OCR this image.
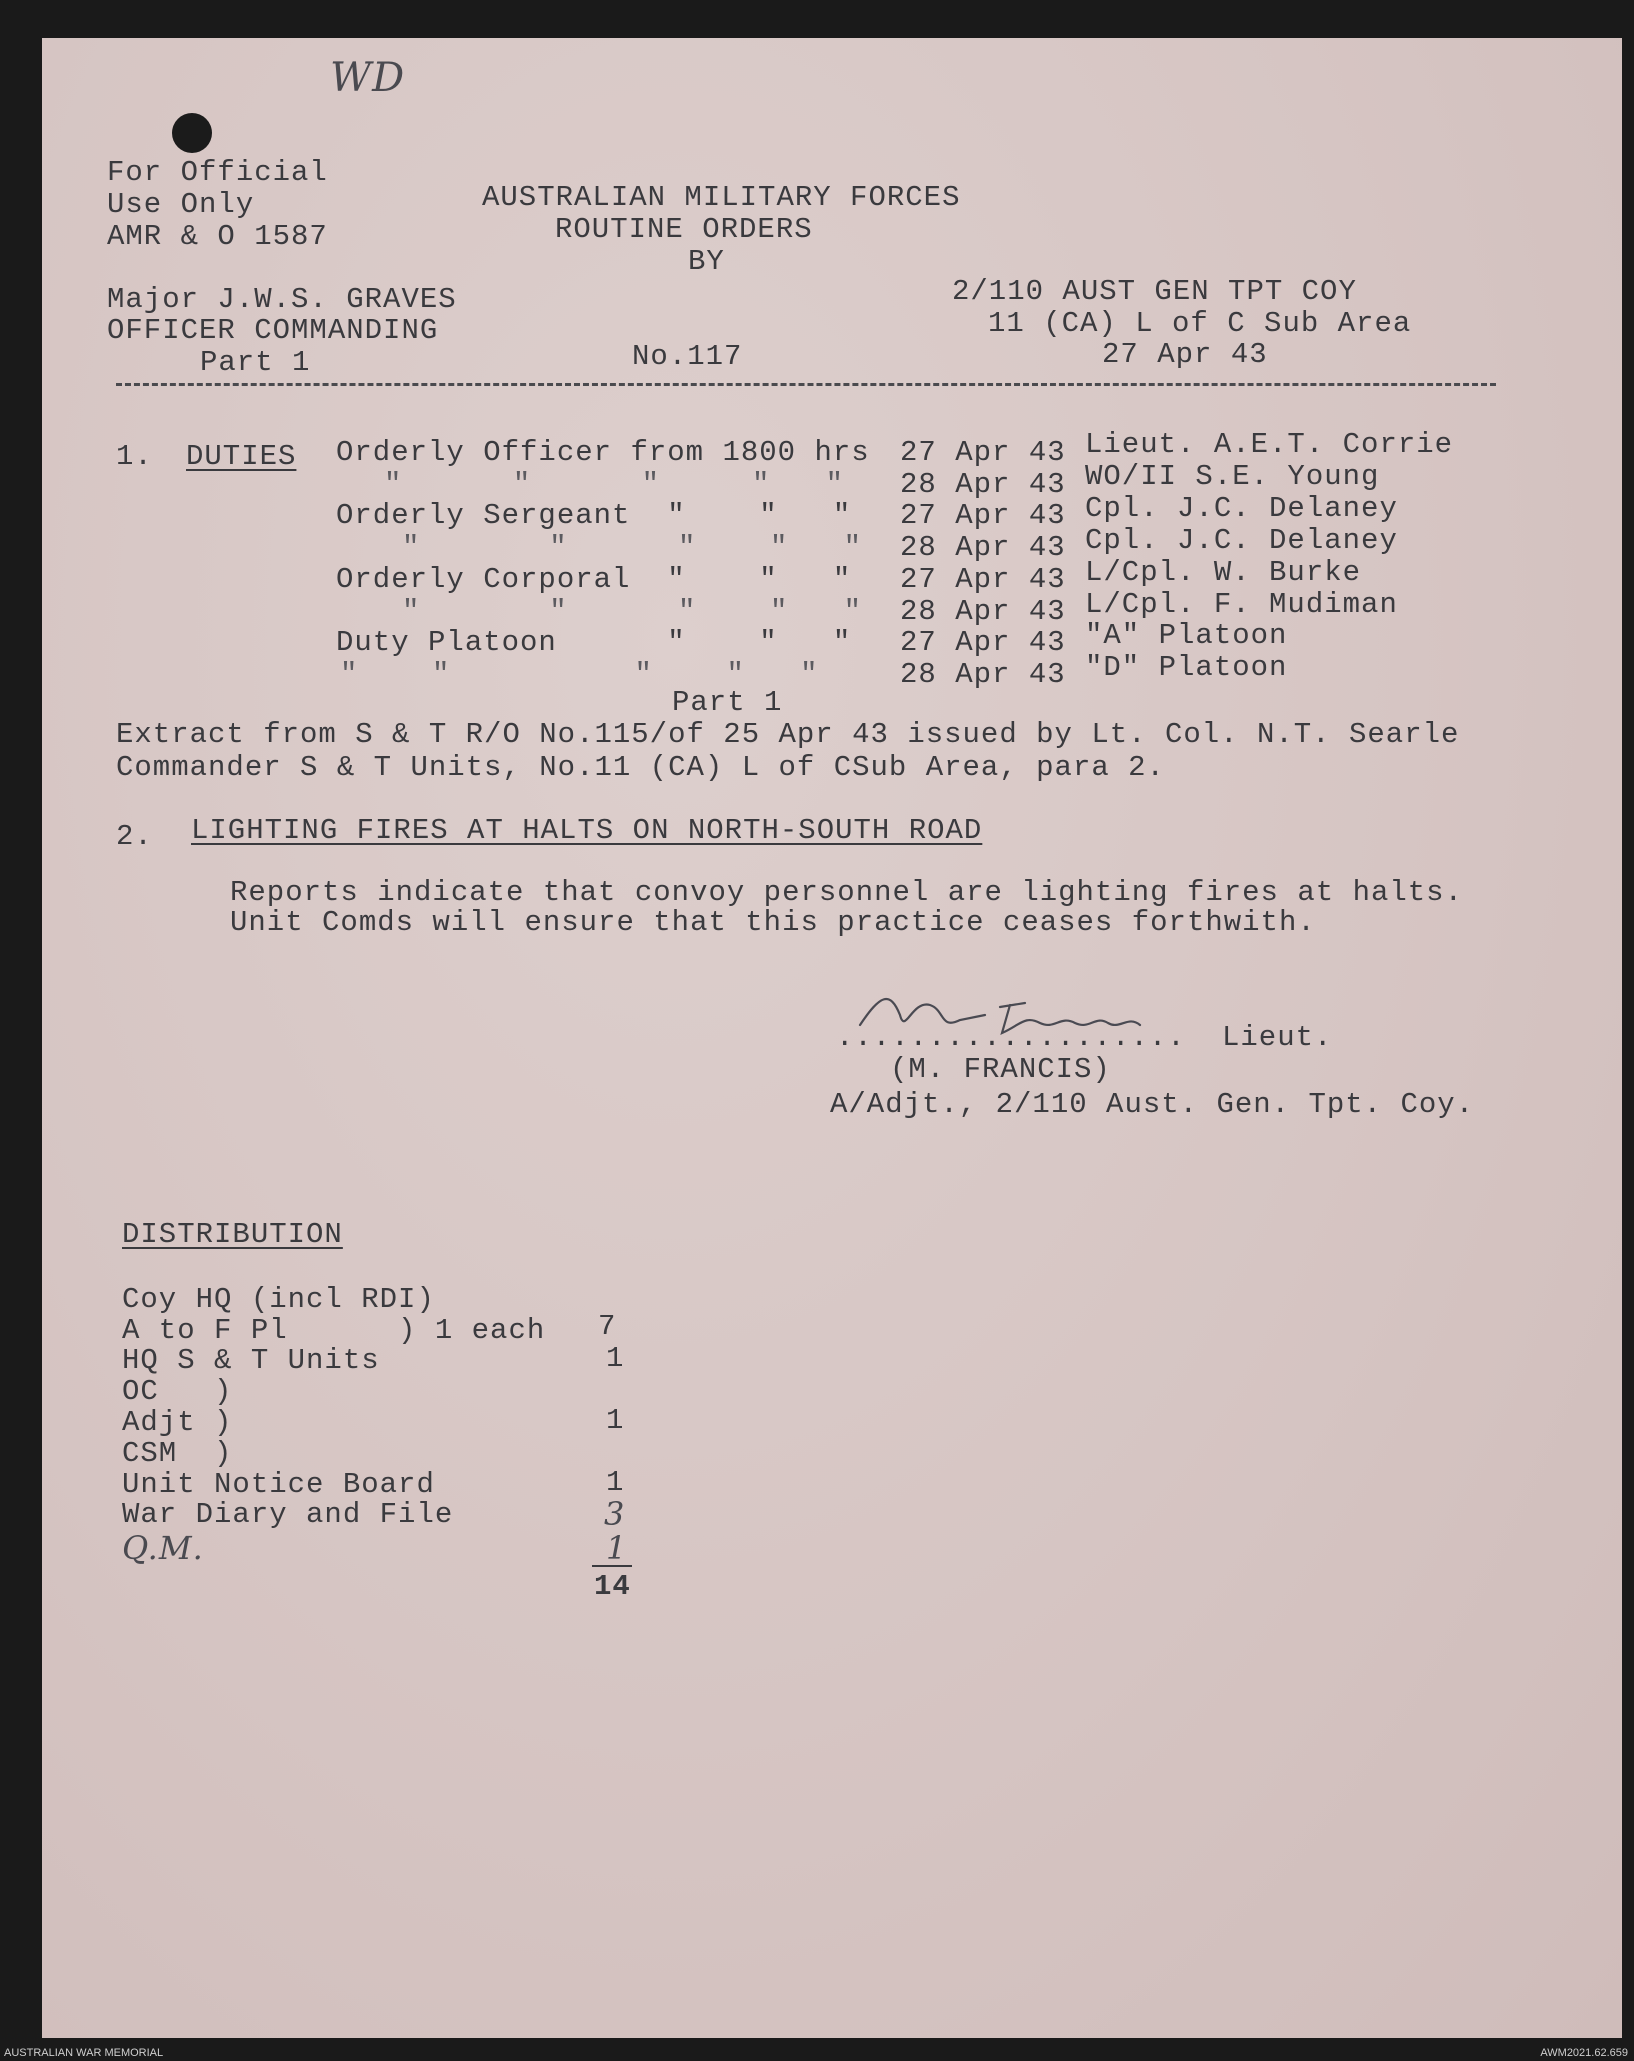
WD
For Official
Use Only
AMR & O 1587
AUSTRALIAN MILITARY FORCES
ROUTINE ORDERS
BY
Major J.W.S. GRAVES
OFFICER COMMANDING
Part 1	No.117
2/110 AUST GEN TPT COY
11 (CA) L of C Sub Area
27 Apr 43
1. DUTIES Orderly Officer from 1800 hrs 27 Apr 43 Lieut. A.E.T. Corrie
"      "      "     "   " 28 Apr 43 WO/II S.E. Young
Orderly Sergeant  "    "   " 27 Apr 43 Cpl. J.C. Delaney
"       "      "    "   " 28 Apr 43 Cpl. J.C. Delaney
Orderly Corporal  "    "   " 27 Apr 43 L/Cpl. W. Burke
"       "      "    "   " 28 Apr 43 L/Cpl. F. Mudiman
Duty Platoon      "    "   " 27 Apr 43 "A" Platoon
"    "          "    "   "	28 Apr 43 "D" Platoon
Part 1
Extract from S & T R/O No.115/of 25 Apr 43 issued by Lt. Col. N.T. Searle
Commander S & T Units, No.11 (CA) L of CSub Area, para 2.
2. LIGHTING FIRES AT HALTS ON NORTH-SOUTH ROAD
Reports indicate that convoy personnel are lighting fires at halts.
Unit Comds will ensure that this practice ceases forthwith.
................... Lieut.
(M. FRANCIS)
A/Adjt., 2/110 Aust. Gen. Tpt. Coy.
DISTRIBUTION
Coy HQ (incl RDI)
A to F Pl      ) 1 each 7
HQ S & T Units	1
OC   )
Adjt )	1
CSM  )
Unit Notice Board	1
War Diary and File	3
Q.M.	1
14
AUSTRALIAN WAR MEMORIAL	AWM2021.62.659
